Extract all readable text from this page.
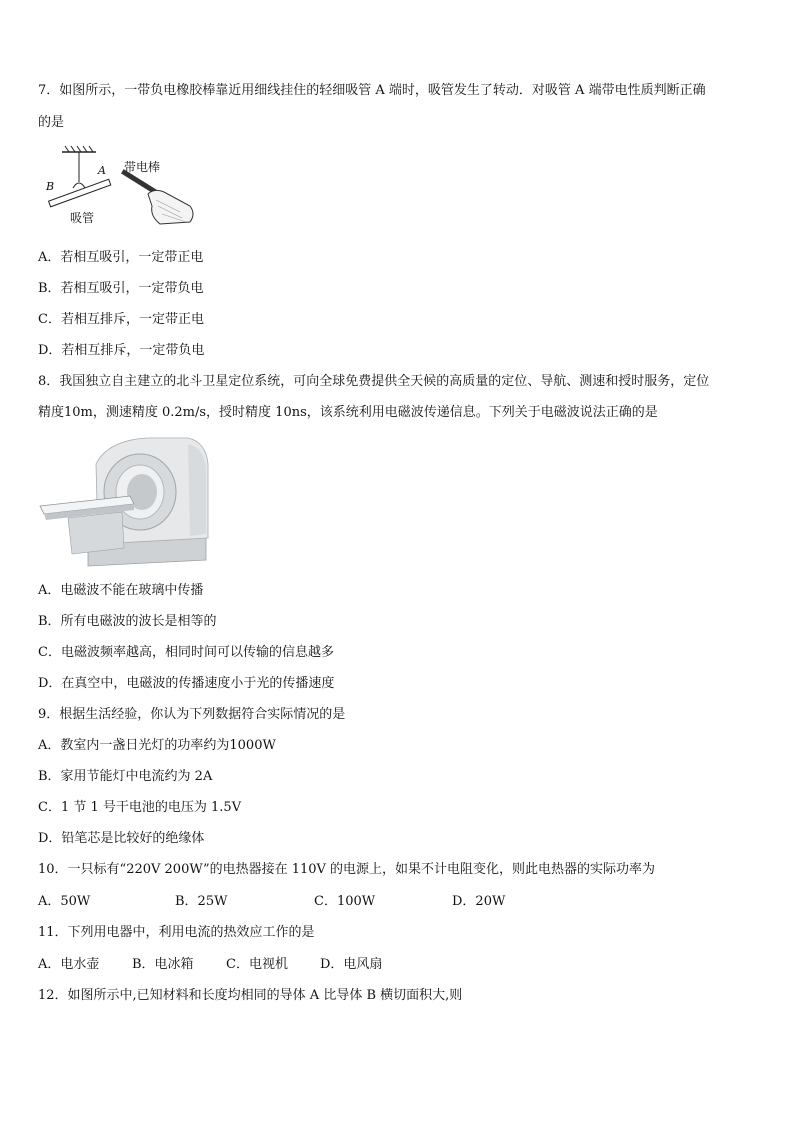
7．如图所示，一带负电橡胶棒靠近用细线挂住的轻细吸管 A 端时，吸管发生了转动．对吸管 A 端带电性质判断正确
的是
带电棒
吸管
A
B
A．若相互吸引，一定带正电
B．若相互吸引，一定带负电
C．若相互排斥，一定带正电
D．若相互排斥，一定带负电
8．我国独立自主建立的北斗卫星定位系统，可向全球免费提供全天候的高质量的定位、导航、测速和授时服务，定位
精度10m，测速精度 0.2m/s，授时精度 10ns，该系统利用电磁波传递信息。下列关于电磁波说法正确的是
A．电磁波不能在玻璃中传播
B．所有电磁波的波长是相等的
C．电磁波频率越高，相同时间可以传输的信息越多
D．在真空中，电磁波的传播速度小于光的传播速度
9．根据生活经验，你认为下列数据符合实际情况的是
A．教室内一盏日光灯的功率约为1000W
B．家用节能灯中电流约为 2A
C．1 节 1 号干电池的电压为 1.5V
D．铅笔芯是比较好的绝缘体
10．一只标有“220V 200W”的电热器接在 110V 的电源上，如果不计电阻变化，则此电热器的实际功率为
A．50W	B．25W	C．100W	D．20W
11．下列用电器中，利用电流的热效应工作的是
A．电水壶	B．电冰箱 C．电视机 D．电风扇
12．如图所示中,已知材料和长度均相同的导体 A 比导体 B 横切面积大,则
